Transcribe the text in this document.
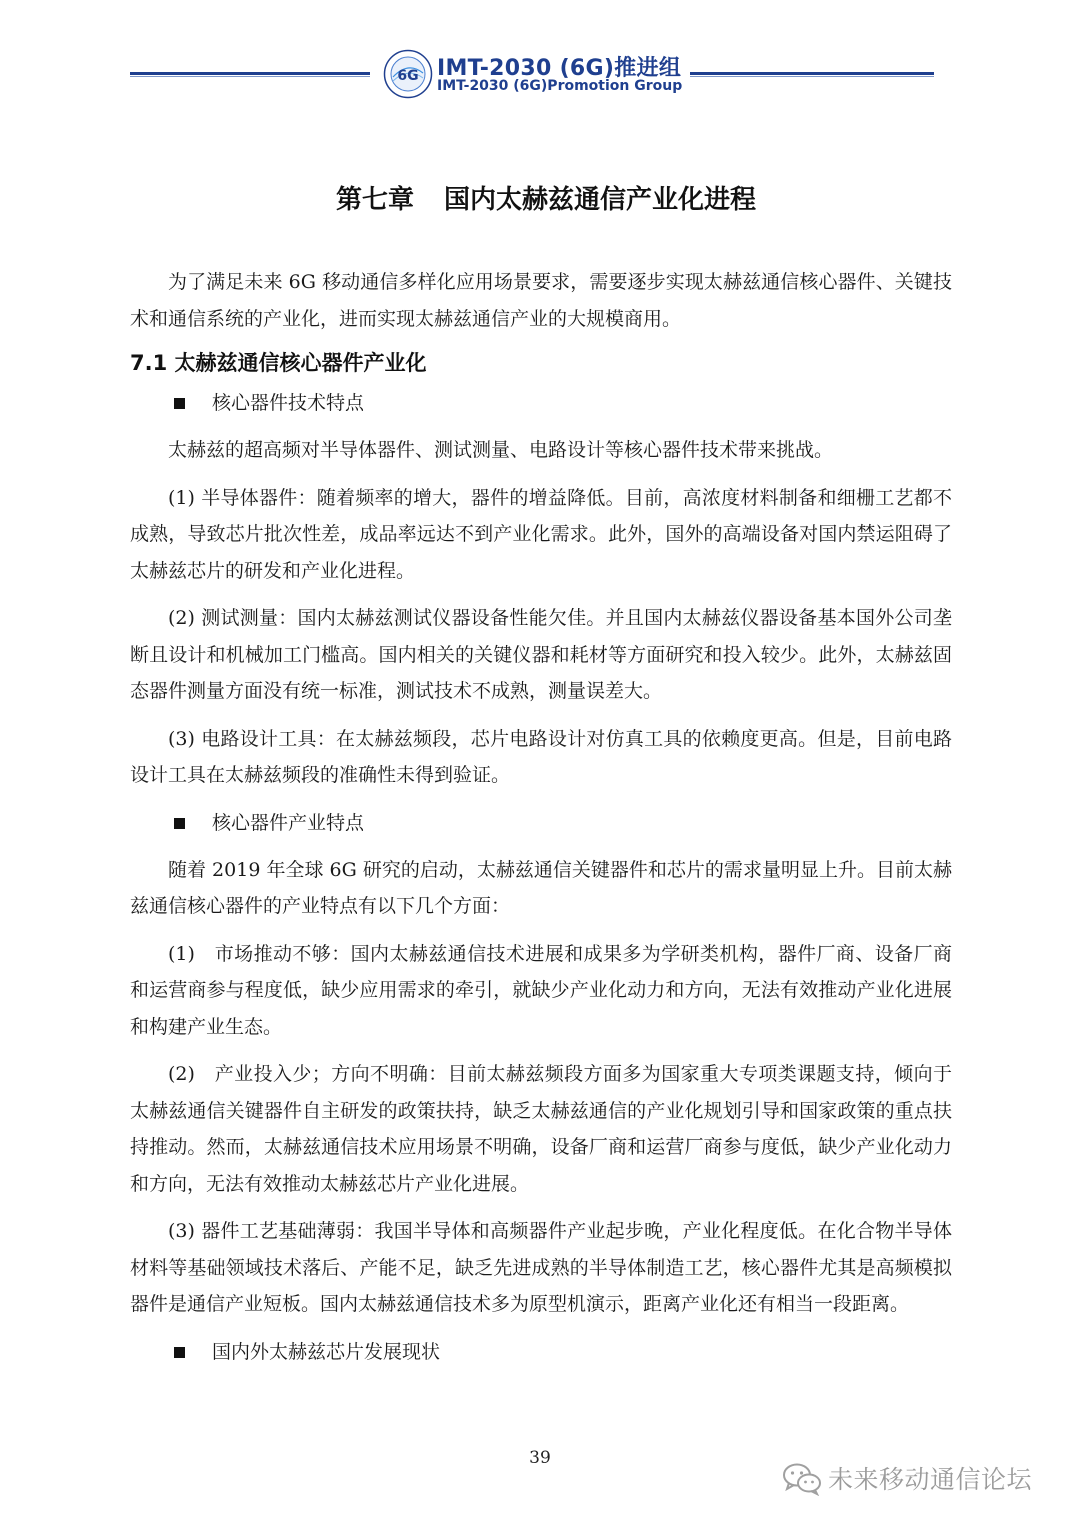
6G IMT-2030 (6G)推进组
IMT-2030 (6G)Promotion Group
第七章 国内太赫兹通信产业化进程

为了满足未来 6G 移动通信多样化应用场景要求，需要逐步实现太赫兹通信核心器件、关键技术和通信系统的产业化，进而实现太赫兹通信产业的大规模商用。

7.1 太赫兹通信核心器件产业化
核心器件技术特点

太赫兹的超高频对半导体器件、测试测量、电路设计等核心器件技术带来挑战。

(1) 半导体器件：随着频率的增大，器件的增益降低。目前，高浓度材料制备和细栅工艺都不成熟，导致芯片批次性差，成品率远达不到产业化需求。此外，国外的高端设备对国内禁运阻碍了太赫兹芯片的研发和产业化进程。

(2) 测试测量：国内太赫兹测试仪器设备性能欠佳。并且国内太赫兹仪器设备基本国外公司垄断且设计和机械加工门槛高。国内相关的关键仪器和耗材等方面研究和投入较少。此外，太赫兹固态器件测量方面没有统一标准，测试技术不成熟，测量误差大。

(3) 电路设计工具：在太赫兹频段，芯片电路设计对仿真工具的依赖度更高。但是，目前电路设计工具在太赫兹频段的准确性未得到验证。

核心器件产业特点

随着 2019 年全球 6G 研究的启动，太赫兹通信关键器件和芯片的需求量明显上升。目前太赫兹通信核心器件的产业特点有以下几个方面：

(1)　市场推动不够：国内太赫兹通信技术进展和成果多为学研类机构，器件厂商、设备厂商和运营商参与程度低，缺少应用需求的牵引，就缺少产业化动力和方向，无法有效推动产业化进展和构建产业生态。

(2)　产业投入少；方向不明确：目前太赫兹频段方面多为国家重大专项类课题支持，倾向于太赫兹通信关键器件自主研发的政策扶持，缺乏太赫兹通信的产业化规划引导和国家政策的重点扶持推动。然而，太赫兹通信技术应用场景不明确，设备厂商和运营厂商参与度低，缺少产业化动力和方向，无法有效推动太赫兹芯片产业化进展。

(3) 器件工艺基础薄弱：我国半导体和高频器件产业起步晚，产业化程度低。在化合物半导体材料等基础领域技术落后、产能不足，缺乏先进成熟的半导体制造工艺，核心器件尤其是高频模拟器件是通信产业短板。国内太赫兹通信技术多为原型机演示，距离产业化还有相当一段距离。

国内外太赫兹芯片发展现状
39
未来移动通信论坛
